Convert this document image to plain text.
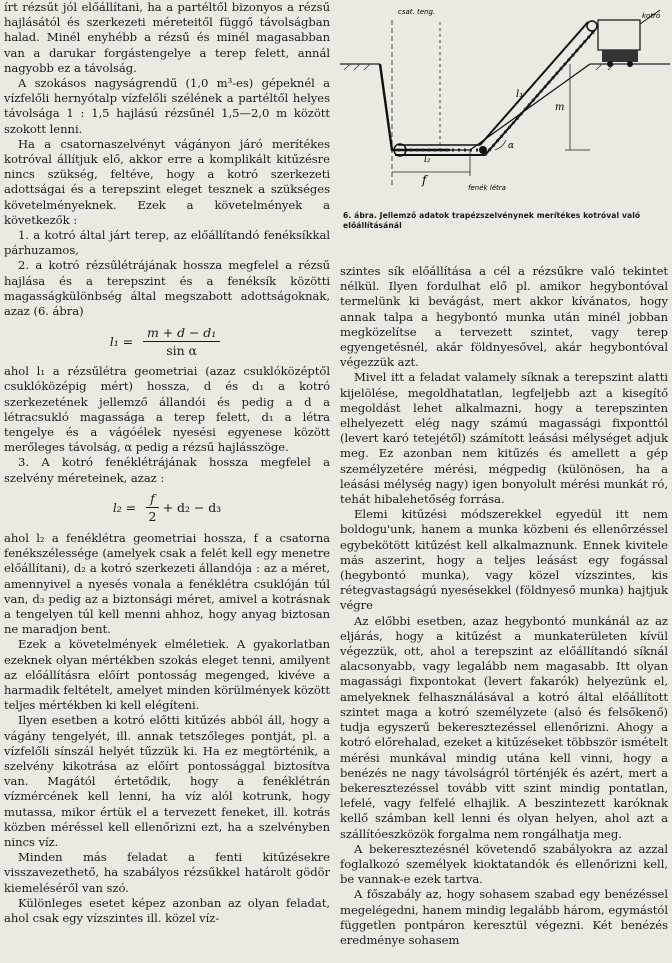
írt rézsűt jól előállítani, ha a partéltől bizonyos a rézsű hajlásától és szerkezeti méreteitől függő távolságban halad. Minél enyhébb a rézsű és minél magasabban van a darukar forgástengelye a terep felett, annál nagyobb ez a távolság.

A szokásos nagyságrendű (1,0 m³-es) gépeknél a vízfelőli hernyótalp vízfelőli szélének a partéltől helyes távolsága 1 : 1,5 hajlású rézsűnél 1,5—2,0 m között szokott lenni.

Ha a csatornaszelvényt vágányon járó merítékes kotróval állítjuk elő, akkor erre a komplikált kitűzésre nincs szükség, feltéve, hogy a kotró szerkezeti adottságai és a terepszint eleget tesznek a szükséges követelményeknek. Ezek a követelmények a következők :

1. a kotró által járt terep, az előállítandó fenéksíkkal párhuzamos,

2. a kotró rézsűlétrájának hossza megfelel a rézsű hajlása és a terepszint és a fenéksík közötti magasságkülönbség által megszabott adottságoknak, azaz (6. ábra)

$l_1 = \frac{\text{m + d − d₁}}{\text{sin α}}$

ahol l₁ a rézsűlétra geometriai (azaz csuklóközéptől csuklóközépig mért) hossza, d és d₁ a kotró szerkezetének jellemző állandói és pedig a d a létracsukló magassága a terep felett, d₁ a létra tengelye és a vágóélek nyesési egyenese között merőleges távolság, α pedig a rézsű hajlásszöge.

3. A kotró fenéklétrájának hossza megfelel a szelvény méreteinek, azaz :

$l_2 = \frac{f}{2} + d_2 - d_3$

ahol l₂ a fenéklétra geometriai hossza, f a csatorna fenékszélessége (amelyek csak a felét kell egy menetre előállítani), d₂ a kotró szerkezeti állandója : az a méret, amennyivel a nyesés vonala a fenéklétra csuklóján túl van, d₃ pedig az a biztonsági méret, amivel a kotrásnak a tengelyen túl kell menni ahhoz, hogy anyag biztosan ne maradjon bent.

Ezek a követelmények elméletiek. A gyakorlatban ezeknek olyan mértékben szokás eleget tenni, amilyent az előállításra előírt pontosság megenged, kivéve a harmadik feltételt, amelyet minden körülmények között teljes mértékben ki kell elégíteni.

Ilyen esetben a kotró előtti kitűzés abból áll, hogy a vágány tengelyét, ill. annak tetszőleges pontját, pl. a vízfelőli sínszál helyét tűzzük ki. Ha ez megtörténik, a szelvény kikotrása az előírt pontossággal biztosítva van. Magától értetődik, hogy a fenéklétrán vízmércének kell lenni, ha víz alól kotrunk, hogy mutassa, mikor értük el a tervezett feneket, ill. kotrás közben méréssel kell ellenőrizni ezt, ha a szelvényben nincs víz.

Minden más feladat a fenti kitűzésekre visszavezethető, ha szabályos rézsűkkel határolt gödör kiemeléséről van szó.

Különleges esetet képez azonban az olyan feladat, ahol csak egy vízszintes ill. közel víz-

f
m
l₁
l₂
csat. teng.	kotró
fenék létra
α
6. ábra. Jellemző adatok trapézszelvénynek merítékes kotróval való előállításánál

szintes sík előállítása a cél a rézsűkre való tekintet nélkül. Ilyen fordulhat elő pl. amikor hegybontóval termelünk ki bevágást, mert akkor kívánatos, hogy annak talpa a hegybontó munka után minél jobban megközelítse a tervezett szintet, vagy terep egyengetésnél, akár földnyesővel, akár hegybontóval végezzük azt.

Mivel itt a feladat valamely síknak a terepszint alatti kijelölése, megoldhatatlan, legfeljebb azt a kisegítő megoldást lehet alkalmazni, hogy a terepszinten elhelyezett elég nagy számú magassági fixponttól (levert karó tetejétől) számított leásási mélységet adjuk meg. Ez azonban nem kitűzés és amellett a gép személyzetére mérési, mégpedig (különösen, ha a leásási mélység nagy) igen bonyolult mérési munkát ró, tehát hibalehetőség forrása.

Elemi kitűzési módszerekkel egyedül itt nem boldogu'unk, hanem a munka közbeni és ellenőrzéssel egybekötött kitűzést kell alkalmaznunk. Ennek kivitele más aszerint, hogy a teljes leásást egy fogással (hegybontó munka), vagy közel vízszintes, kis rétegvastagságú nyesésekkel (földnyeső munka) hajtjuk végre

Az előbbi esetben, azaz hegybontó munkánál az az eljárás, hogy a kitűzést a munkaterületen kívül végezzük, ott, ahol a terepszint az előállítandó síknál alacsonyabb, vagy legalább nem magasabb. Itt olyan magassági fixpontokat (levert fakarók) helyezünk el, amelyeknek felhasználásával a kotró által előállított szintet maga a kotró személyzete (alsó és felsőkenő) tudja egyszerű bekeresztezéssel ellenőrizni. Ahogy a kotró előrehalad, ezeket a kitűzéseket többször ismételt mérési munkával mindig utána kell vinni, hogy a benézés ne nagy távolságról történjék és azért, mert a bekeresztezéssel tovább vitt szint mindig pontatlan, lefelé, vagy felfelé elhajlik. A beszintezett karóknak kellő számban kell lenni és olyan helyen, ahol azt a szállítóeszközök forgalma nem rongálhatja meg.

A bekeresztezésnél követendő szabályokra az azzal foglalkozó személyek kioktatandók és ellenőrizni kell, be vannak-e ezek tartva.

A főszabály az, hogy sohasem szabad egy benézéssel megelégedni, hanem mindig legalább három, egymástól független pontpáron keresztül végezni. Két benézés eredménye sohasem
